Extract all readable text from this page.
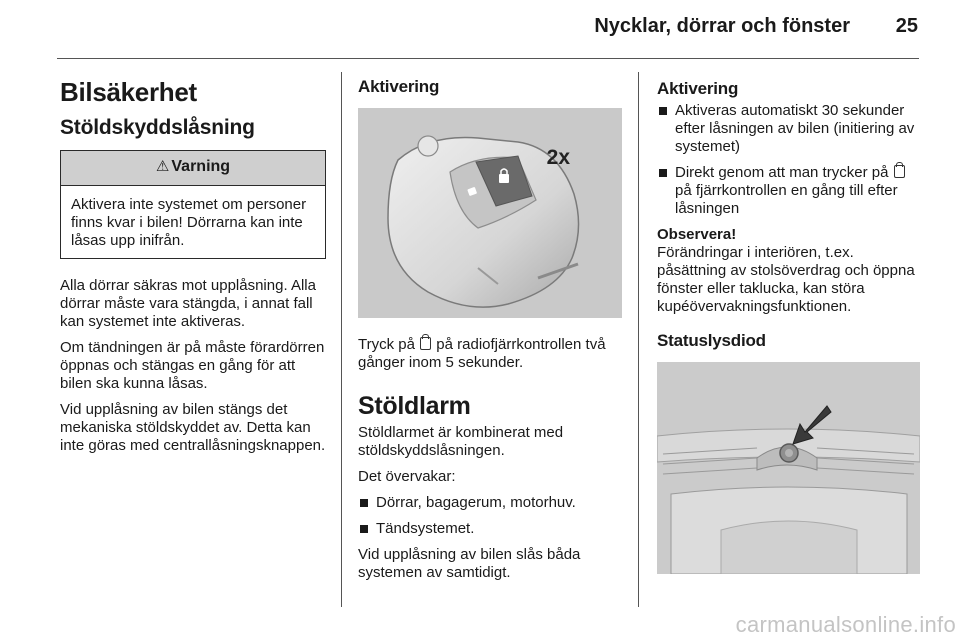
Nycklar, dörrar och fönster 25
Bilsäkerhet
Stöldskyddslåsning
⚠ Varning
Aktivera inte systemet om personer finns kvar i bilen! Dörrarna kan inte låsas upp inifrån.

Alla dörrar säkras mot upplåsning. Alla dörrar måste vara stängda, i annat fall kan systemet inte aktiveras.

Om tändningen är på måste förardörren öppnas och stängas en gång för att bilen ska kunna låsas.

Vid upplåsning av bilen stängs det mekaniska stöldskyddet av. Detta kan inte göras med centrallåsningsknappen.

Aktivering
2x

Tryck på  på radiofjärrkontrollen två gånger inom 5 sekunder.

Stöldlarm

Stöldlarmet är kombinerat med stöldskyddslåsningen.

Det övervakar:

Dörrar, bagagerum, motorhuv.
Tändsystemet.

Vid upplåsning av bilen slås båda systemen av samtidigt.

Aktivering
Aktiveras automatiskt 30 sekunder efter låsningen av bilen (initiering av systemet)
Direkt genom att man trycker på  på fjärrkontrollen en gång till efter låsningen
Observera!

Förändringar i interiören, t.ex. påsättning av stolsöverdrag och öppna fönster eller taklucka, kan störa kupéövervakningsfunktionen.

Statuslysdiod
carmanualsonline.info
